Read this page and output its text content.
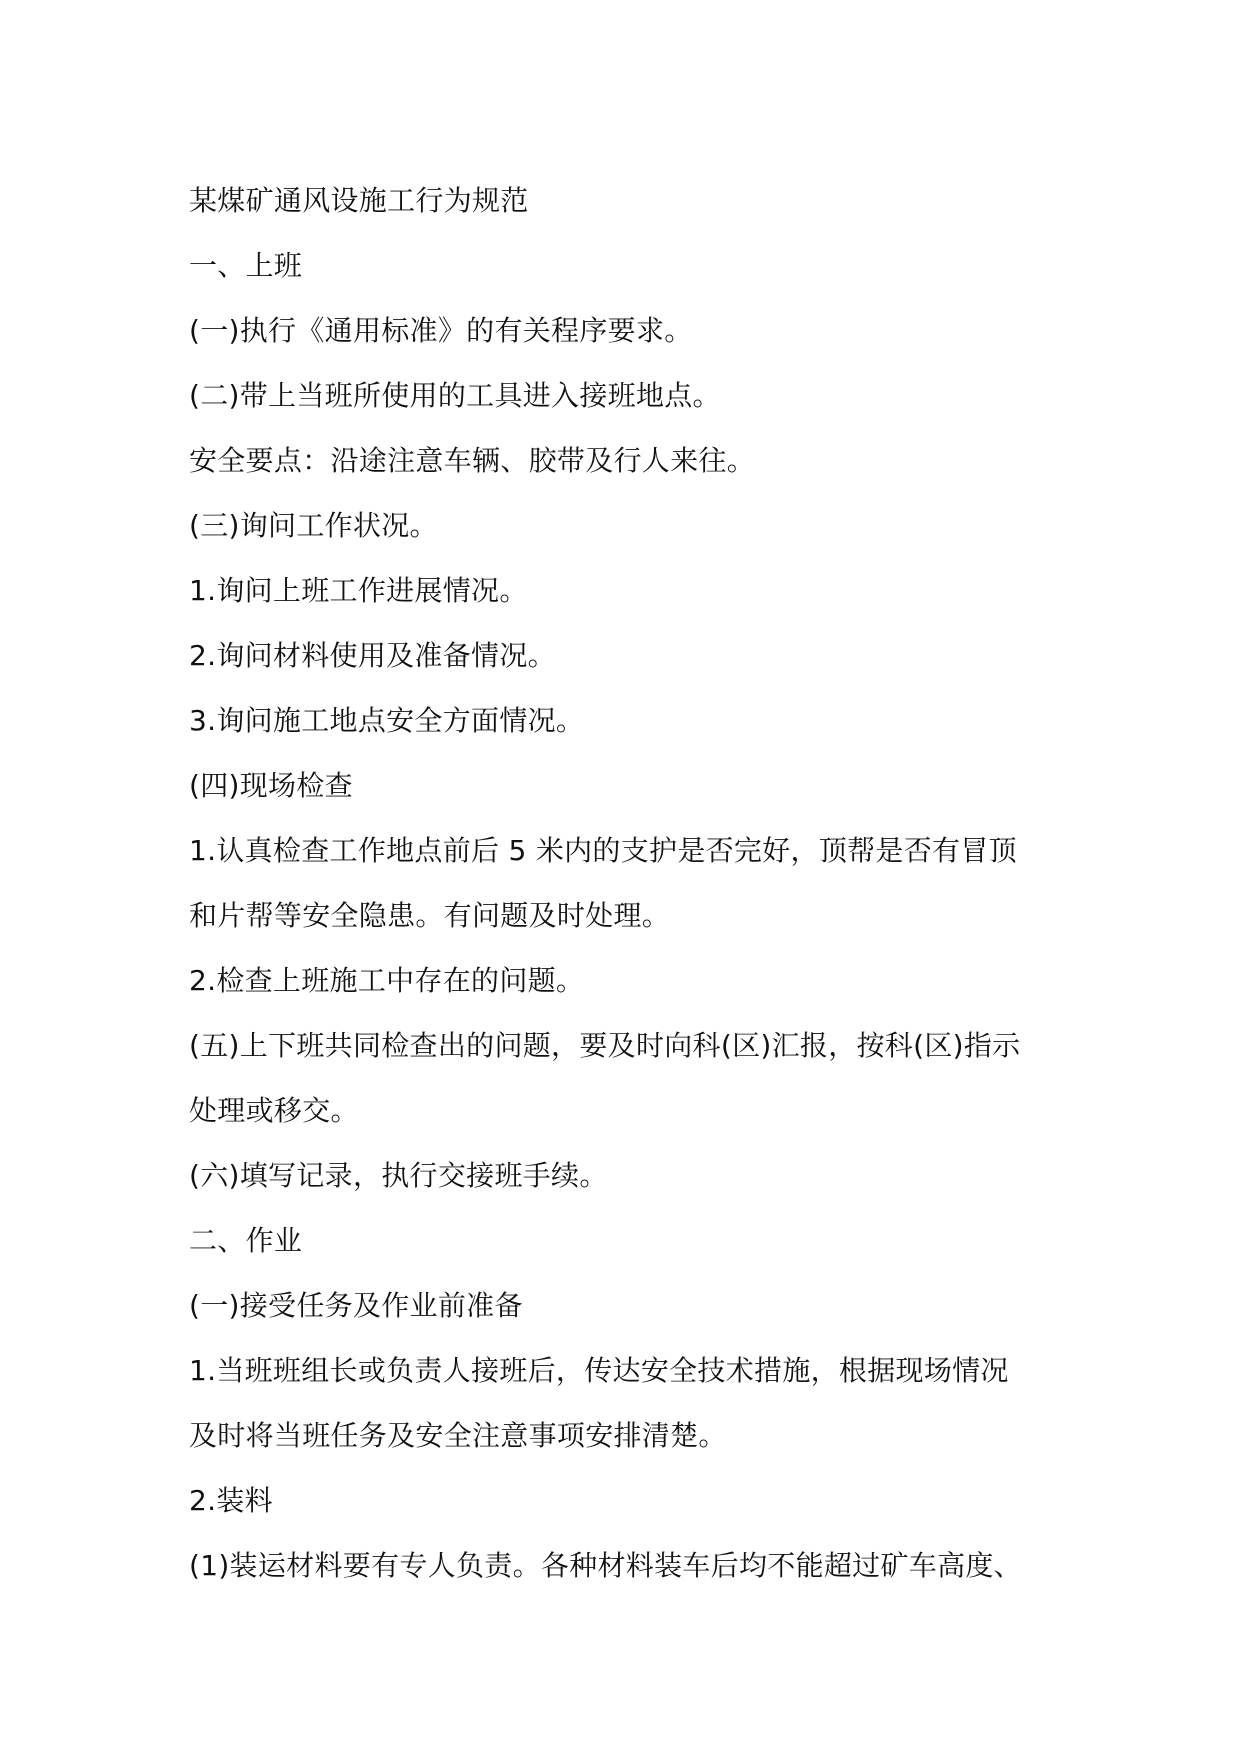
某煤矿通风设施工行为规范

一、上班

(一)执行《通用标准》的有关程序要求。

(二)带上当班所使用的工具进入接班地点。

安全要点：沿途注意车辆、胶带及行人来往。

(三)询问工作状况。

1.询问上班工作进展情况。

2.询问材料使用及准备情况。

3.询问施工地点安全方面情况。

(四)现场检查

1.认真检查工作地点前后 5 米内的支护是否完好，顶帮是否有冒顶

和片帮等安全隐患。有问题及时处理。

2.检查上班施工中存在的问题。

(五)上下班共同检查出的问题，要及时向科(区)汇报，按科(区)指示

处理或移交。

(六)填写记录，执行交接班手续。

二、作业

(一)接受任务及作业前准备

1.当班班组长或负责人接班后，传达安全技术措施，根据现场情况

及时将当班任务及安全注意事项安排清楚。

2.装料

(1)装运材料要有专人负责。各种材料装车后均不能超过矿车高度、
